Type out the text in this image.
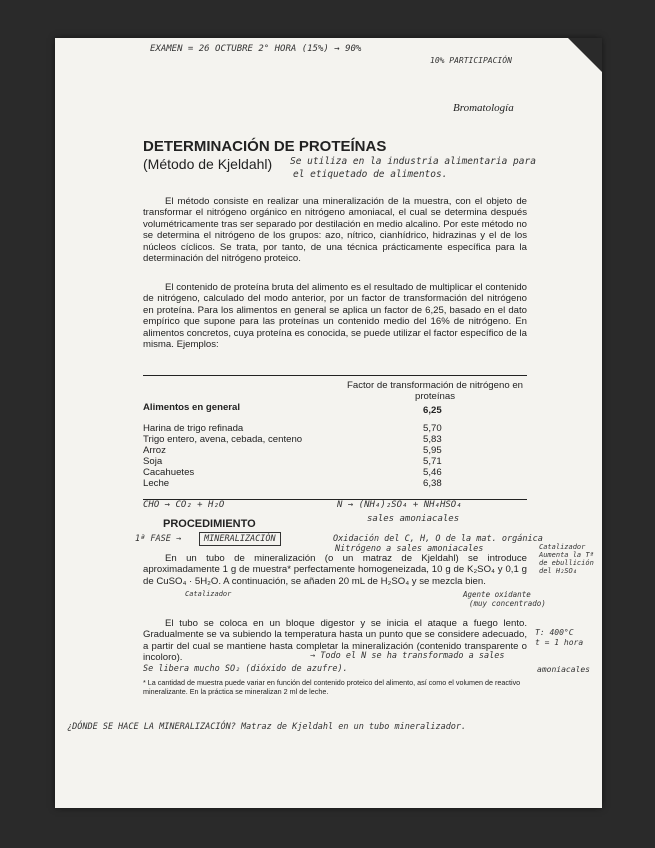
EXAMEN = 26 OCTUBRE 2° HORA (15%) → 90%
10% PARTICIPACIÓN
Bromatología
DETERMINACIÓN DE PROTEÍNAS
(Método de Kjeldahl) Se utiliza en la industria alimentaria para
el etiquetado de alimentos.

El método consiste en realizar una mineralización de la muestra, con el objeto de transformar el nitrógeno orgánico en nitrógeno amoniacal, el cual se determina después volumétricamente tras ser separado por destilación en medio alcalino. Por este método no se determina el nitrógeno de los grupos: azo, nítrico, cianhídrico, hidrazinas y el de los núcleos cíclicos. Se trata, por tanto, de una técnica prácticamente específica para la determinación del nitrógeno proteico.

El contenido de proteína bruta del alimento es el resultado de multiplicar el contenido de nitrógeno, calculado del modo anterior, por un factor de transformación del nitrógeno en proteína. Para los alimentos en general se aplica un factor de 6,25, basado en el dato empírico que supone para las proteínas un contenido medio del 16% de nitrógeno. En alimentos concretos, cuya proteína es conocida, se puede utilizar el factor específico de la misma. Ejemplos:

Factor de transformación de nitrógeno en proteínas
Alimentos en general	6,25
Harina de trigo refinada	5,70
Trigo entero, avena, cebada, centeno	5,83
Arroz	5,95
Soja	5,71
Cacahuetes	5,46
Leche	6,38
CHO → CO₂ + H₂O	N → (NH₄)₂SO₄ + NH₄HSO₄
sales amoniacales
PROCEDIMIENTO
1ª FASE →	MINERALIZACIÓN	Oxidación del C, H, O de la mat. orgánica
Nitrógeno a sales amoniacales

En un tubo de mineralización (o un matraz de Kjeldahl) se introduce aproximadamente 1 g de muestra* perfectamente homogeneizada, 10 g de K₂SO₄ y 0,1 g de CuSO₄ · 5H₂O. A continuación, se añaden 20 mL de H₂SO₄ y se mezcla bien.

Catalizador
Catalizador
Aumenta la Tª
de ebullición
del H₂SO₄
Agente oxidante
(muy concentrado)

El tubo se coloca en un bloque digestor y se inicia el ataque a fuego lento. Gradualmente se va subiendo la temperatura hasta un punto que se considere adecuado, a partir del cual se mantiene hasta completar la mineralización (contenido transparente o incoloro).

T: 400°C
t = 1 hora
→ Todo el N se ha transformado a sales
amoniacales
Se libera mucho SO₂ (dióxido de azufre).
* La cantidad de muestra puede variar en función del contenido proteico del alimento, así como el volumen de reactivo mineralizante. En la práctica se mineralizan 2 ml de leche.
¿DÓNDE SE HACE LA MINERALIZACIÓN? Matraz de Kjeldahl en un tubo mineralizador.
